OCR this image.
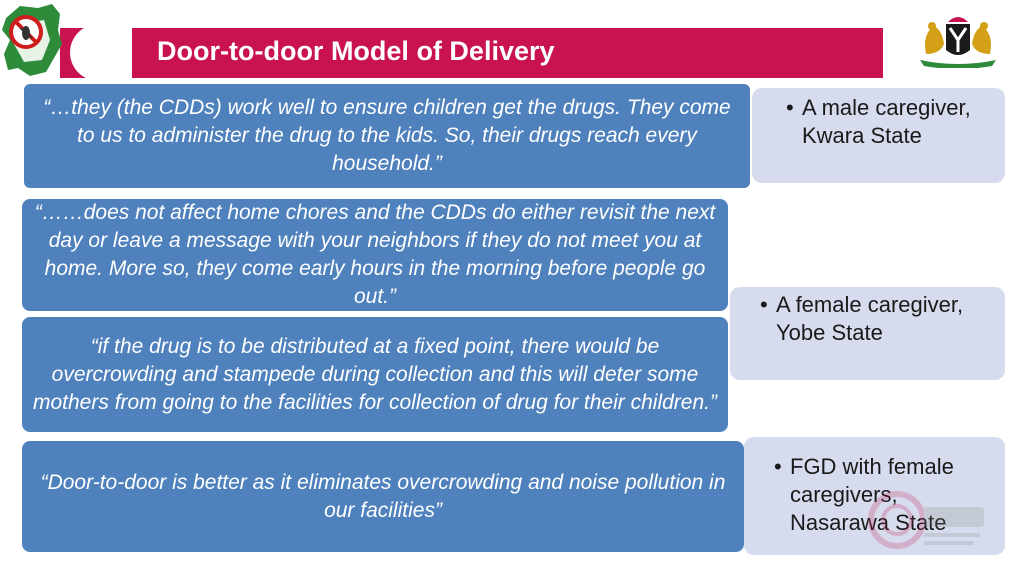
Door-to-door Model of Delivery
“…they (the CDDs) work well to ensure children get the drugs. They come to us to administer the drug to the kids. So, their drugs reach every household.”
“……does not affect home chores and the CDDs do either revisit the next day or leave a message with your neighbors if they do not meet you at home. More so, they come early hours in the morning before people go out.”
“if the drug is to be distributed at a fixed point, there would be overcrowding and stampede during collection and this will deter some mothers from going to the facilities for collection of drug for their children.”
“Door-to-door is better as it eliminates overcrowding and noise pollution in our facilities”
• A male caregiver, Kwara State
• A female caregiver, Yobe State
• FGD with female caregivers, Nasarawa State
